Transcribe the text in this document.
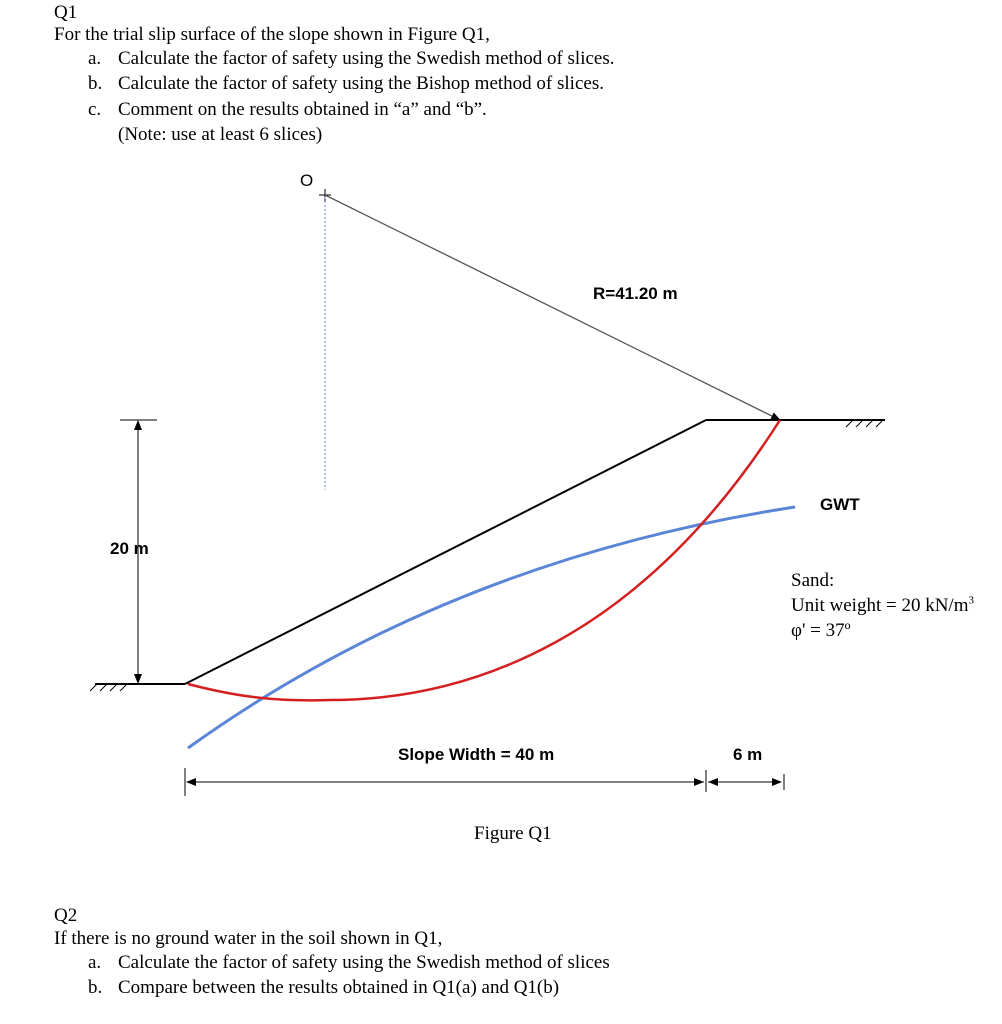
Q1
For the trial slip surface of the slope shown in Figure Q1,
a. Calculate the factor of safety using the Swedish method of slices.
b. Calculate the factor of safety using the Bishop method of slices.
c. Comment on the results obtained in “a” and “b”.
(Note: use at least 6 slices)
O
R=41.20 m
20 m
GWT
Sand:
Unit weight = 20 $kN/m^3$
φ' = 37º
Slope Width = 40 m	6 m
Figure Q1
Q2
If there is no ground water in the soil shown in Q1,
a. Calculate the factor of safety using the Swedish method of slices
b. Compare between the results obtained in Q1(a) and Q1(b)
